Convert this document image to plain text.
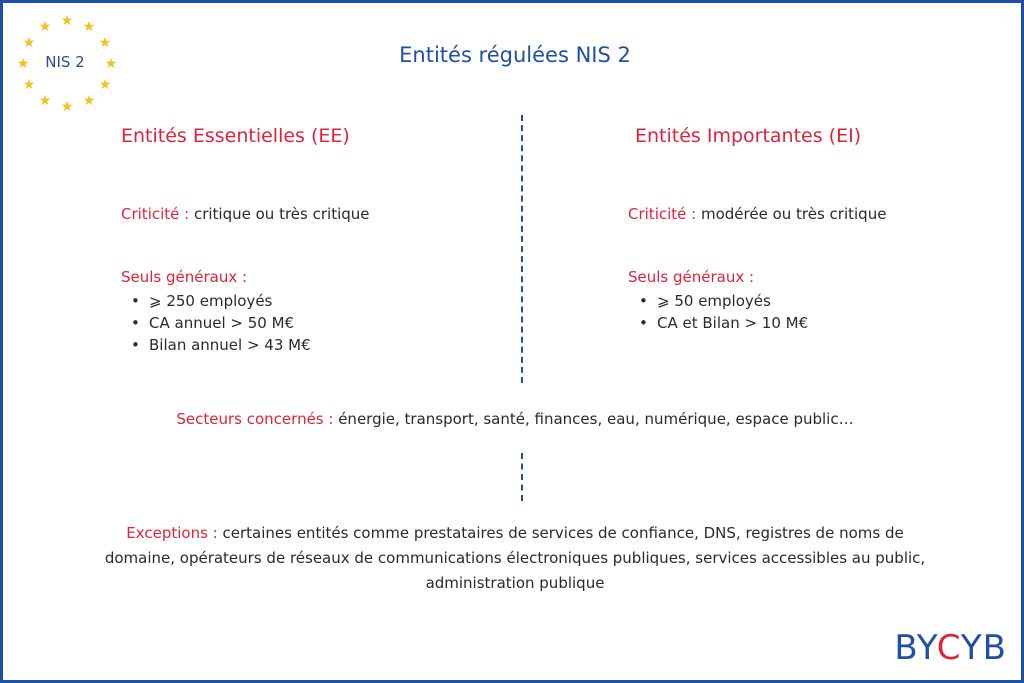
★ ★
★
★
★
★
★
★
★
★
★
★
NIS 2	Entités régulées NIS 2
Entités Essentielles (EE)
Criticité : critique ou très critique
Seuls généraux :
• ⩾ 250 employés
• CA annuel > 50 M€
• Bilan annuel > 43 M€
Entités Importantes (EI)
Criticité : modérée ou très critique
Seuls généraux :
• ⩾ 50 employés
• CA et Bilan > 10 M€
Secteurs concernés : énergie, transport, santé, finances, eau, numérique, espace public…
Exceptions : certaines entités comme prestataires de services de confiance, DNS, registres de noms de domaine, opérateurs de réseaux de communications électroniques publiques, services accessibles au public, administration publique
BYCYB
